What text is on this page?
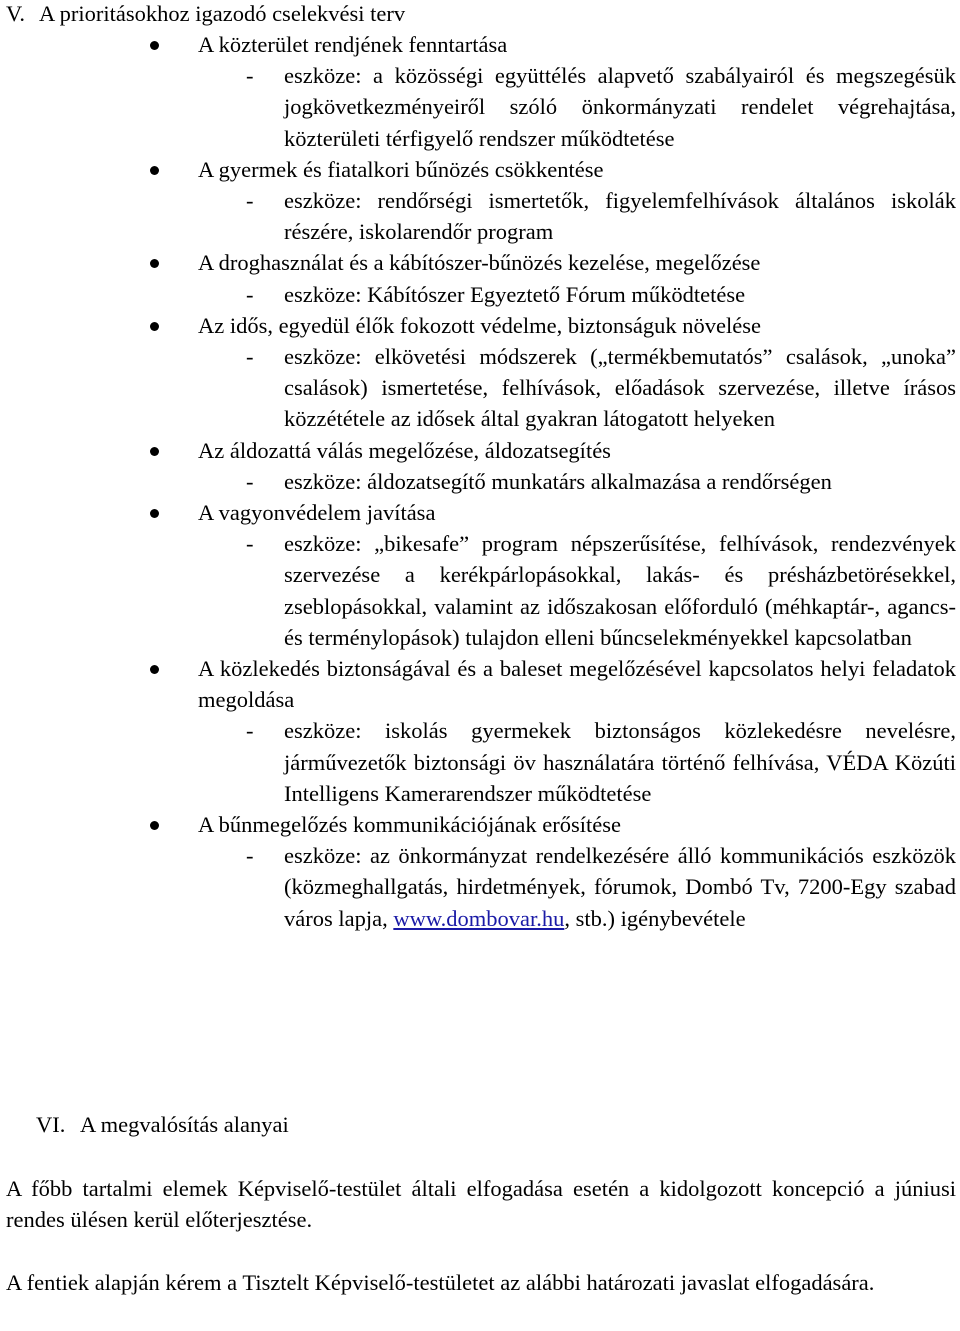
V. A prioritásokhoz igazodó cselekvési terv
A közterület rendjének fenntartása
- eszköze: a közösségi együttélés alapvető szabályairól és megszegésük jogkövetkezményeiről szóló önkormányzati rendelet végrehajtása, közterületi térfigyelő rendszer működtetése
A gyermek és fiatalkori bűnözés csökkentése
- eszköze: rendőrségi ismertetők, figyelemfelhívások általános iskolák részére, iskolarendőr program
A droghasználat és a kábítószer-bűnözés kezelése, megelőzése
- eszköze: Kábítószer Egyeztető Fórum működtetése
Az idős, egyedül élők fokozott védelme, biztonságuk növelése
- eszköze: elkövetési módszerek („termékbemutatós” csalások, „unoka” csalások) ismertetése, felhívások, előadások szervezése, illetve írásos közzététele az idősek által gyakran látogatott helyeken
Az áldozattá válás megelőzése, áldozatsegítés
- eszköze: áldozatsegítő munkatárs alkalmazása a rendőrségen
A vagyonvédelem javítása
- eszköze: „bikesafe” program népszerűsítése, felhívások, rendezvények szervezése a kerékpárlopásokkal, lakás- és présházbetörésekkel, zseblopásokkal, valamint az időszakosan előforduló (méhkaptár-, agancs- és terménylopások) tulajdon elleni bűncselekményekkel kapcsolatban
A közlekedés biztonságával és a baleset megelőzésével kapcsolatos helyi feladatok megoldása
- eszköze: iskolás gyermekek biztonságos közlekedésre nevelésre, járművezetők biztonsági öv használatára történő felhívása, VÉDA Közúti Intelligens Kamerarendszer működtetése
A bűnmegelőzés kommunikációjának erősítése
- eszköze: az önkormányzat rendelkezésére álló kommunikációs eszközök (közmeghallgatás, hirdetmények, fórumok, Dombó Tv, 7200-Egy szabad város lapja, www.dombovar.hu, stb.) igénybevétele
VI. A megvalósítás alanyai
A főbb tartalmi elemek Képviselő-testület általi elfogadása esetén a kidolgozott koncepció a júniusi rendes ülésen kerül előterjesztése.
A fentiek alapján kérem a Tisztelt Képviselő-testületet az alábbi határozati javaslat elfogadására.
